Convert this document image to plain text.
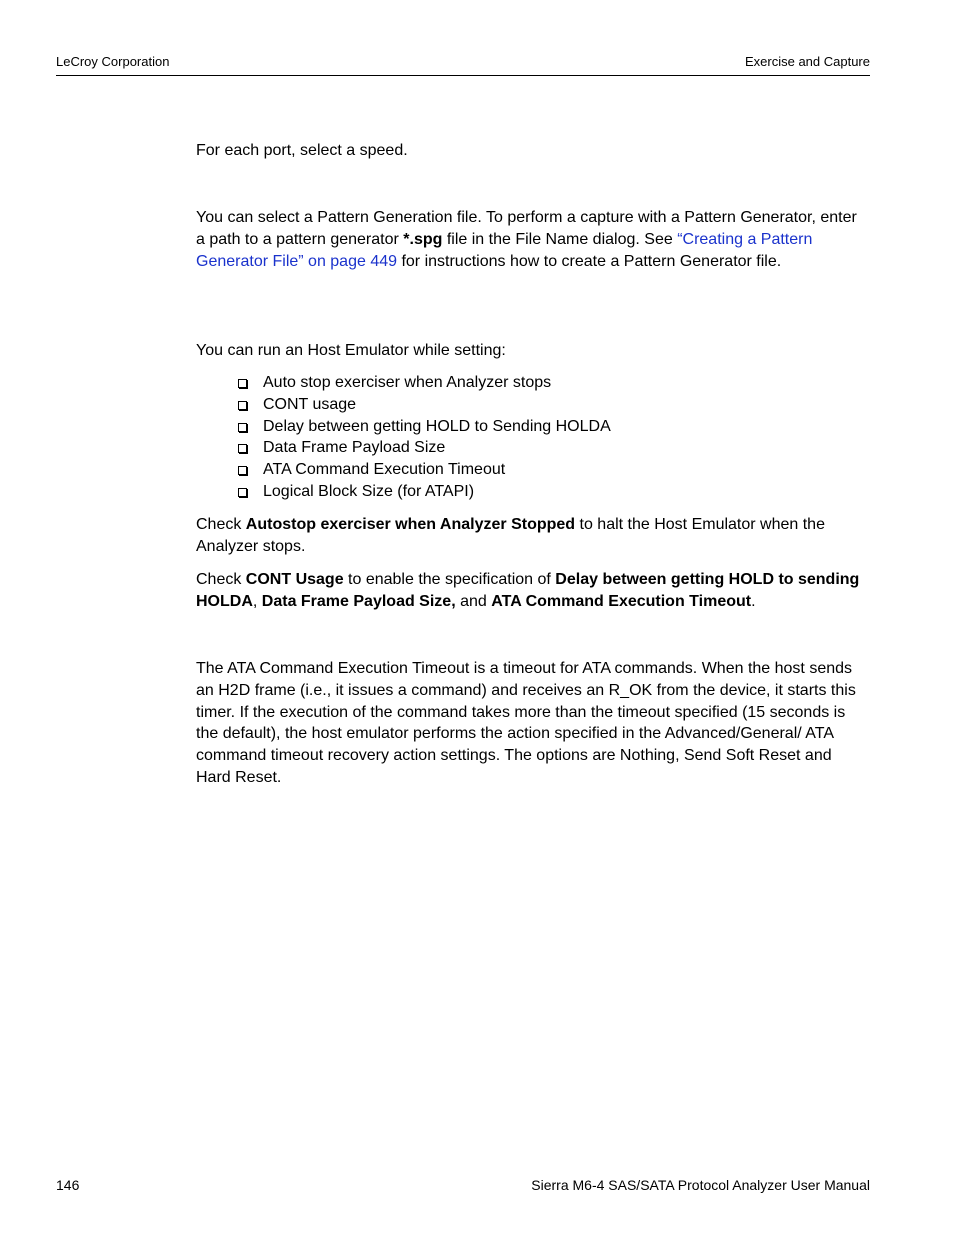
LeCroy Corporation	Exercise and Capture

For each port, select a speed.

You can select a Pattern Generation file. To perform a capture with a Pattern Generator, enter a path to a pattern generator *.spg file in the File Name dialog. See “Creating a Pattern Generator File” on page 449 for instructions how to create a Pattern Generator file.

You can run an Host Emulator while setting:

Auto stop exerciser when Analyzer stops
CONT usage
Delay between getting HOLD to Sending HOLDA
Data Frame Payload Size
ATA Command Execution Timeout
Logical Block Size (for ATAPI)

Check Autostop exerciser when Analyzer Stopped to halt the Host Emulator when the Analyzer stops.

Check CONT Usage to enable the specification of Delay between getting HOLD to sending HOLDA, Data Frame Payload Size, and ATA Command Execution Timeout.

The ATA Command Execution Timeout is a timeout for ATA commands. When the host sends an H2D frame (i.e., it issues a command) and receives an R_OK from the device, it starts this timer. If the execution of the command takes more than the timeout specified (15 seconds is the default), the host emulator performs the action specified in the Advanced/General/ ATA command timeout recovery action settings. The options are Nothing, Send Soft Reset and Hard Reset.

146	Sierra M6-4 SAS/SATA Protocol Analyzer User Manual
